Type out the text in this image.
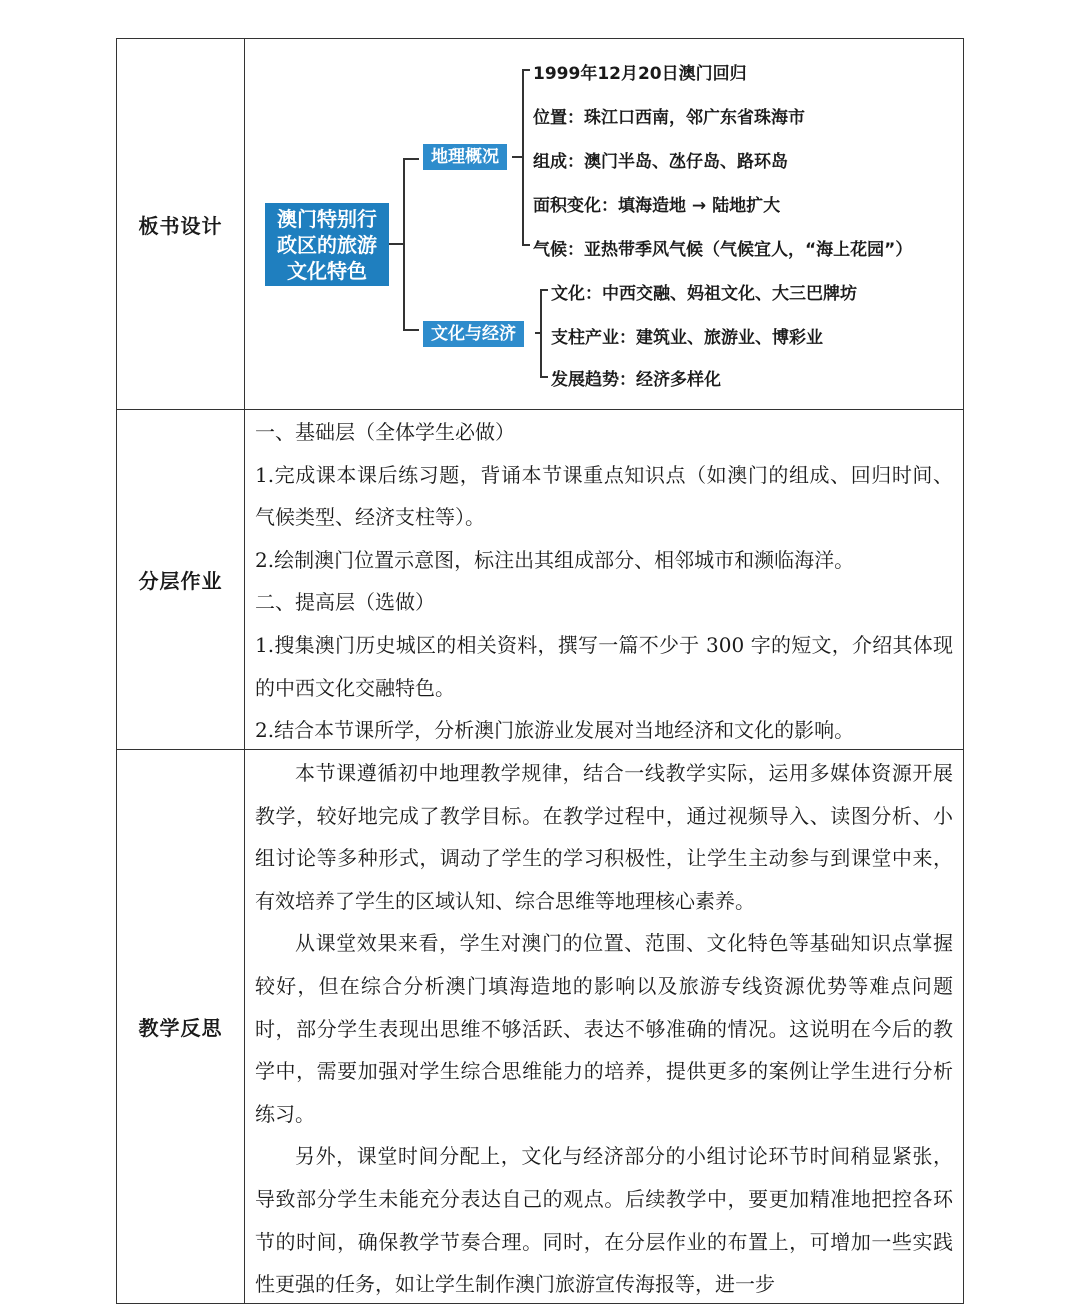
板书设计	澳门特别行政区的旅游文化特色
地理概况
文化与经济
1999年12月20日澳门回归
位置：珠江口西南，邻广东省珠海市
组成：澳门半岛、氹仔岛、路环岛
面积变化：填海造地 → 陆地扩大
气候：亚热带季风气候（气候宜人，“海上花园”）
文化：中西交融、妈祖文化、大三巴牌坊
支柱产业：建筑业、旅游业、博彩业
发展趋势：经济多样化
分层作业

一、基础层（全体学生必做）

1.完成课本课后练习题，背诵本节课重点知识点（如澳门的组成、回归时间、气候类型、经济支柱等）。

2.绘制澳门位置示意图，标注出其组成部分、相邻城市和濒临海洋。

二、提高层（选做）

1.搜集澳门历史城区的相关资料，撰写一篇不少于 300 字的短文，介绍其体现的中西文化交融特色。

2.结合本节课所学，分析澳门旅游业发展对当地经济和文化的影响。

教学反思

本节课遵循初中地理教学规律，结合一线教学实际，运用多媒体资源开展教学，较好地完成了教学目标。在教学过程中，通过视频导入、读图分析、小组讨论等多种形式，调动了学生的学习积极性，让学生主动参与到课堂中来，有效培养了学生的区域认知、综合思维等地理核心素养。

从课堂效果来看，学生对澳门的位置、范围、文化特色等基础知识点掌握较好，但在综合分析澳门填海造地的影响以及旅游专线资源优势等难点问题时，部分学生表现出思维不够活跃、表达不够准确的情况。这说明在今后的教学中，需要加强对学生综合思维能力的培养，提供更多的案例让学生进行分析练习。

另外，课堂时间分配上，文化与经济部分的小组讨论环节时间稍显紧张，导致部分学生未能充分表达自己的观点。后续教学中，要更加精准地把控各环节的时间，确保教学节奏合理。同时，在分层作业的布置上，可增加一些实践性更强的任务，如让学生制作澳门旅游宣传海报等，进一步
